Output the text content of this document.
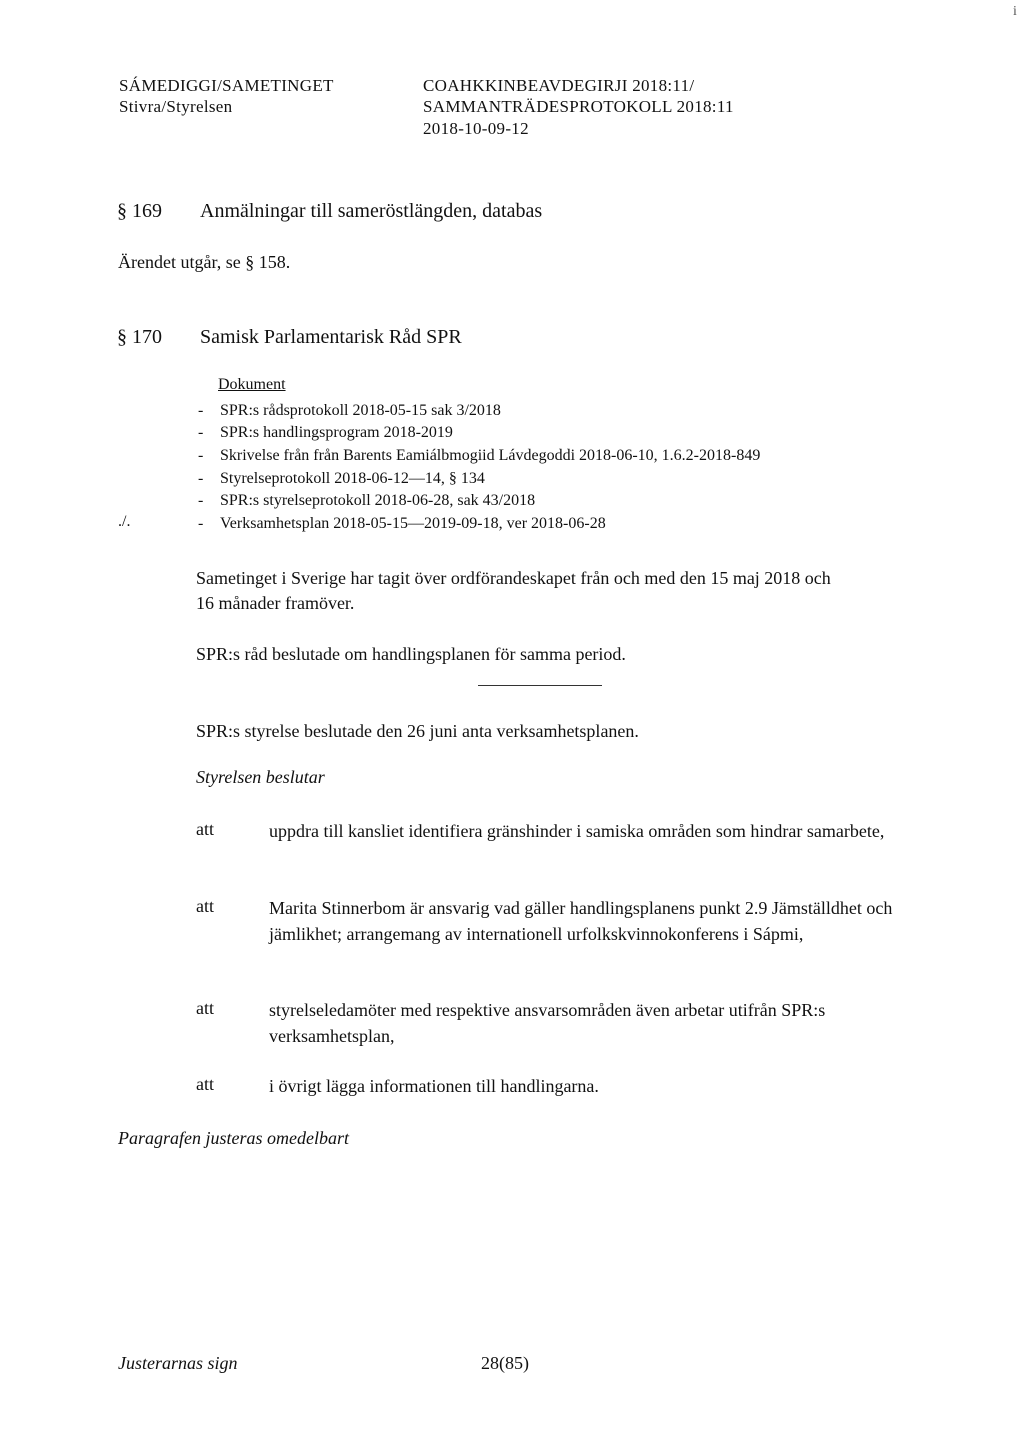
i
SÁMEDIGGI/SAMETINGET
Stivra/Styrelsen
COAHKKINBEAVDEGIRJI 2018:11/
SAMMANTRÄDESPROTOKOLL 2018:11
2018-10-09-12
§ 169 Anmälningar till sameröstlängden, databas
Ärendet utgår, se § 158.
§ 170 Samisk Parlamentarisk Råd SPR
Dokument
- SPR:s rådsprotokoll 2018-05-15 sak 3/2018
- SPR:s handlingsprogram 2018-2019
- Skrivelse från från Barents Eamiálbmogiid Lávdegoddi 2018-06-10, 1.6.2-2018-849
- Styrelseprotokoll 2018-06-12—14, § 134
- SPR:s styrelseprotokoll 2018-06-28, sak 43/2018
- Verksamhetsplan 2018-05-15—2019-09-18, ver 2018-06-28
./.
Sametinget i Sverige har tagit över ordförandeskapet från och med den 15 maj 2018 och
16 månader framöver.
SPR:s råd beslutade om handlingsplanen för samma period.
SPR:s styrelse beslutade den 26 juni anta verksamhetsplanen.
Styrelsen beslutar
att	uppdra till kansliet identifiera gränshinder i samiska områden som hindrar samarbete,
att	Marita Stinnerbom är ansvarig vad gäller handlingsplanens punkt 2.9 Jämställdhet och jämlikhet; arrangemang av internationell urfolkskvinnokonferens i Sápmi,
att	styrelseledamöter med respektive ansvarsområden även arbetar utifrån SPR:s verksamhetsplan,
att	i övrigt lägga informationen till handlingarna.
Paragrafen justeras omedelbart
Justerarnas sign	28(85)
